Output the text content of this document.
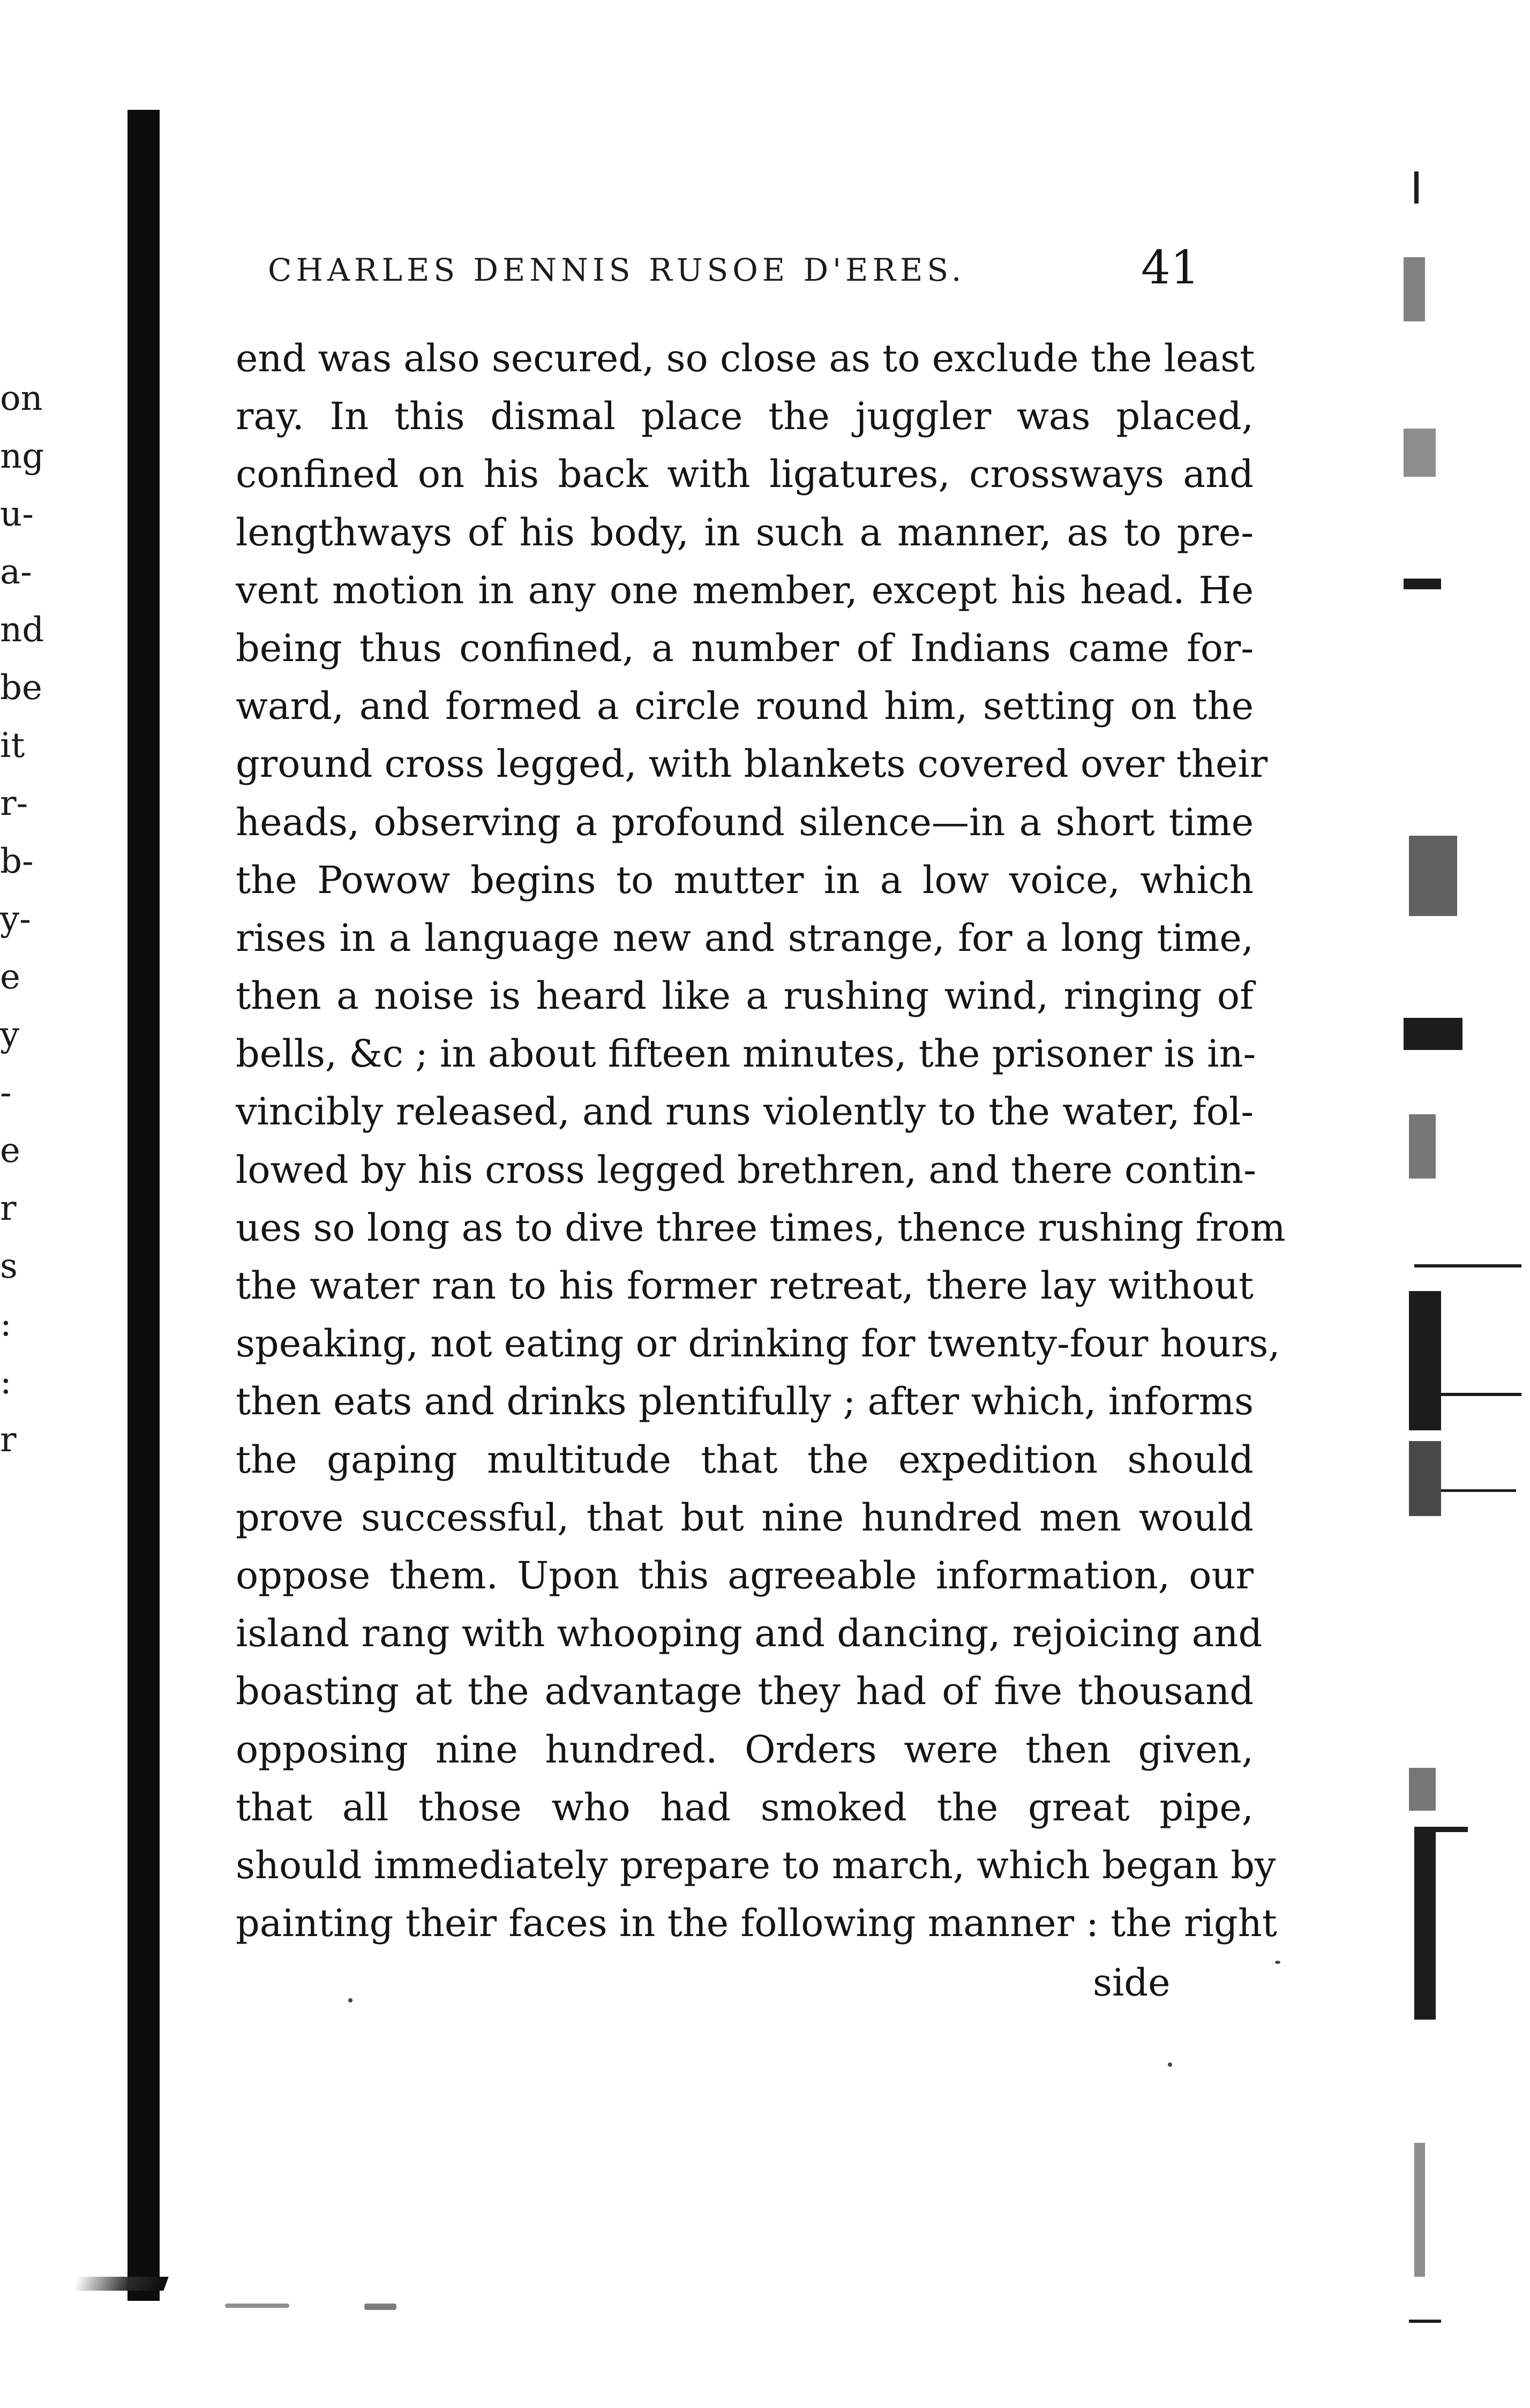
on
ng
u-
a-
nd
be
it
r-
b-
y-
e
y
-
e
r
s
:
:
r
CHARLES DENNIS RUSOE D'ERES.	41
end was also secured, so close as to exclude the least
ray. In this dismal place the juggler was placed,
confined on his back with ligatures, crossways and
lengthways of his body, in such a manner, as to pre-
vent motion in any one member, except his head. He
being thus confined, a number of Indians came for-
ward, and formed a circle round him, setting on the
ground cross legged, with blankets covered over their
heads, observing a profound silence—in a short time
the Powow begins to mutter in a low voice, which
rises in a language new and strange, for a long time,
then a noise is heard like a rushing wind, ringing of
bells, &c ; in about fifteen minutes, the prisoner is in-
vincibly released, and runs violently to the water, fol-
lowed by his cross legged brethren, and there contin-
ues so long as to dive three times, thence rushing from
the water ran to his former retreat, there lay without
speaking, not eating or drinking for twenty-four hours,
then eats and drinks plentifully ; after which, informs
the gaping multitude that the expedition should
prove successful, that but nine hundred men would
oppose them. Upon this agreeable information, our
island rang with whooping and dancing, rejoicing and
boasting at the advantage they had of five thousand
opposing nine hundred. Orders were then given,
that all those who had smoked the great pipe,
should immediately prepare to march, which began by
painting their faces in the following manner : the right
side
